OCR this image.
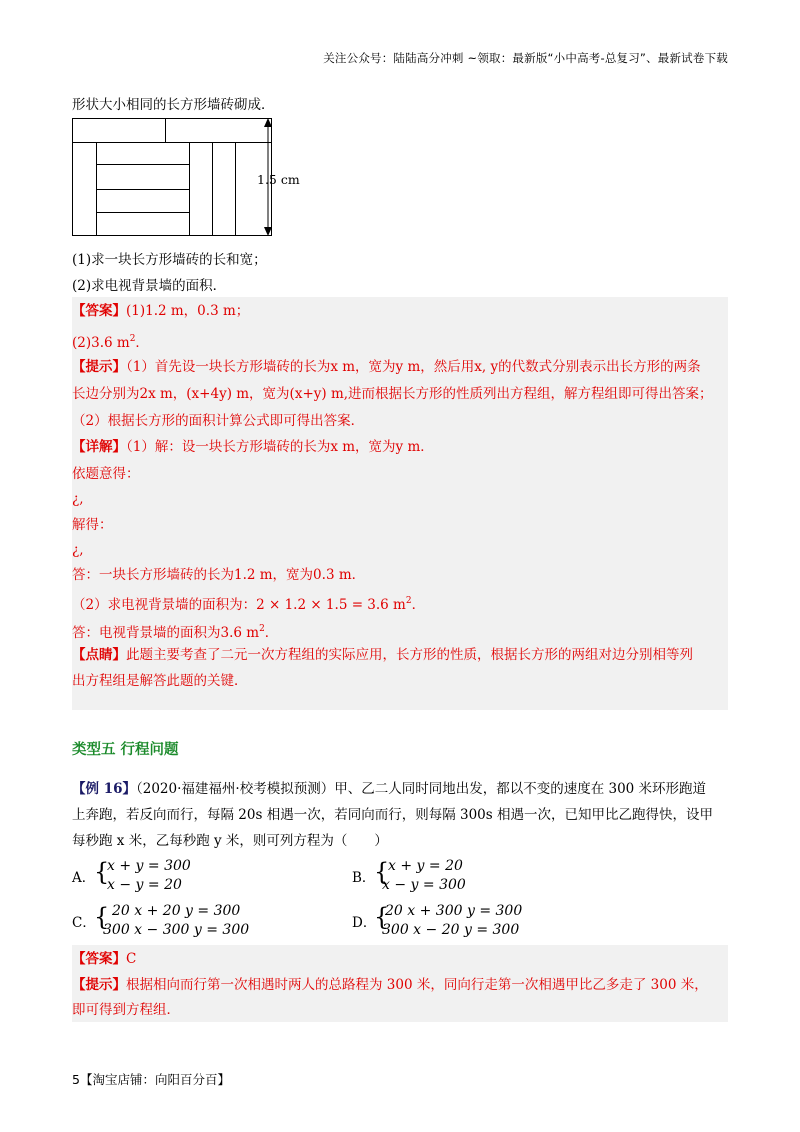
关注公众号：陆陆高分冲刺 ~领取：最新版“小中高考-总复习”、最新试卷下载
形状大小相同的长方形墙砖砌成．
1.5 cm
(1)求一块长方形墙砖的长和宽；
(2)求电视背景墙的面积．
【答案】(1)1.2 m，0.3 m；
(2)3.6 $m^2$．
【提示】（1）首先设一块长方形墙砖的长为x m，宽为y m，然后用x, y的代数式分别表示出长方形的两条
长边分别为2x m，(x+4y) m，宽为(x+y) m,进而根据长方形的性质列出方程组，解方程组即可得出答案；
（2）根据长方形的面积计算公式即可得出答案．
【详解】（1）解：设一块长方形墙砖的长为x m，宽为y m．
依题意得：
¿,
解得：
¿,
答：一块长方形墙砖的长为1.2 m，宽为0.3 m．
（2）求电视背景墙的面积为：2 × 1.2 × 1.5 = 3.6 $m^2$．
答：电视背景墙的面积为3.6 $m^2$．
【点睛】此题主要考查了二元一次方程组的实际应用，长方形的性质，根据长方形的两组对边分别相等列
出方程组是解答此题的关键．
类型五 行程问题
【例 16】（2020·福建福州·校考模拟预测）甲、乙二人同时同地出发，都以不变的速度在 300 米环形跑道
上奔跑，若反向而行，每隔 20s 相遇一次，若同向而行，则每隔 300s 相遇一次，已知甲比乙跑得快，设甲
每秒跑 x 米，乙每秒跑 y 米，则可列方程为（　　）
A．
{
x + y = 300
x − y = 20	B．
{
x + y = 20
x − y = 300
C．
{ 20 x + 20 y = 300
300 x − 300 y = 300	D．
{
20 x + 300 y = 300
300 x − 20 y = 300
【答案】C
【提示】根据相向而行第一次相遇时两人的总路程为 300 米，同向行走第一次相遇甲比乙多走了 300 米，
即可得到方程组．
5【淘宝店铺：向阳百分百】
